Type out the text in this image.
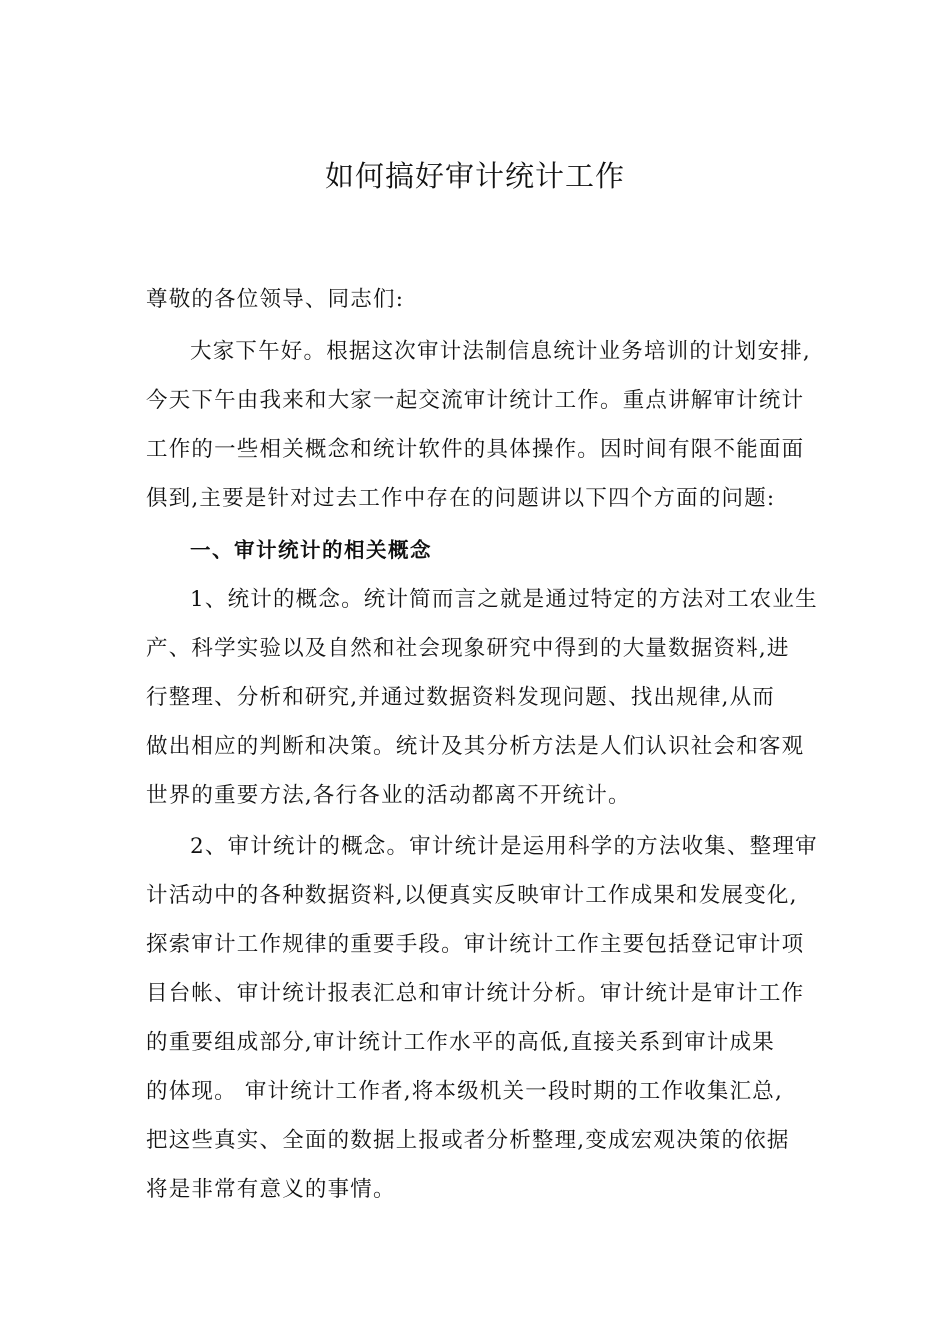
如何搞好审计统计工作
尊敬的各位领导、同志们:
大家下午好。根据这次审计法制信息统计业务培训的计划安排,
今天下午由我来和大家一起交流审计统计工作。重点讲解审计统计
工作的一些相关概念和统计软件的具体操作。因时间有限不能面面
俱到,主要是针对过去工作中存在的问题讲以下四个方面的问题:
一、审计统计的相关概念
1、统计的概念。统计简而言之就是通过特定的方法对工农业生
产、科学实验以及自然和社会现象研究中得到的大量数据资料,进
行整理、分析和研究,并通过数据资料发现问题、找出规律,从而
做出相应的判断和决策。统计及其分析方法是人们认识社会和客观
世界的重要方法,各行各业的活动都离不开统计。
2、审计统计的概念。审计统计是运用科学的方法收集、整理审
计活动中的各种数据资料,以便真实反映审计工作成果和发展变化,
探索审计工作规律的重要手段。审计统计工作主要包括登记审计项
目台帐、审计统计报表汇总和审计统计分析。审计统计是审计工作
的重要组成部分,审计统计工作水平的高低,直接关系到审计成果
的体现。 审计统计工作者,将本级机关一段时期的工作收集汇总,
把这些真实、全面的数据上报或者分析整理,变成宏观决策的依据
将是非常有意义的事情。
